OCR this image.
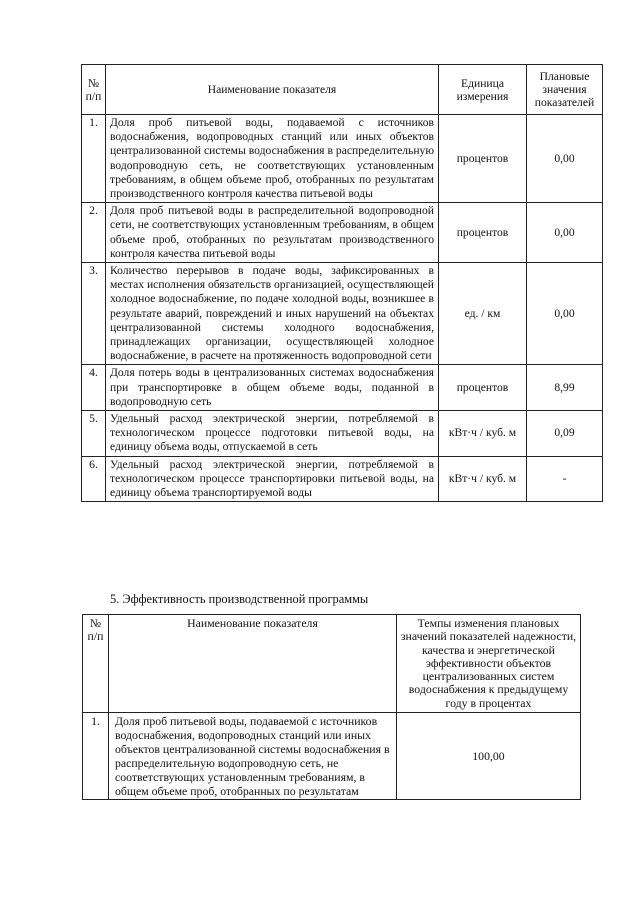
№ п/п	Наименование показателя	Единица измерения	Плановые значения показателей
1.	Доля проб питьевой воды, подаваемой с источников водоснабжения, водопроводных станций или иных объектов централизованной системы водоснабжения в распределительную водопроводную сеть, не соответствующих установленным требованиям, в общем объеме проб, отобранных по результатам производственного контроля качества питьевой воды	процентов	0,00
2.	Доля проб питьевой воды в распределительной водопроводной сети, не соответствующих установленным требованиям, в общем объеме проб, отобранных по результатам производственного контроля качества питьевой воды	процентов	0,00
3.	Количество перерывов в подаче воды, зафиксированных в местах исполнения обязательств организацией, осуществляющей холодное водоснабжение, по подаче холодной воды, возникшее в результате аварий, повреждений и иных нарушений на объектах централизованной системы холодного водоснабжения, принадлежащих организации, осуществляющей холодное водоснабжение, в расчете на протяженность водопроводной сети	ед. / км	0,00
4.	Доля потерь воды в централизованных системах водоснабжения при транспортировке в общем объеме воды, поданной в водопроводную сеть	процентов	8,99
5.	Удельный расход электрической энергии, потребляемой в технологическом процессе подготовки питьевой воды, на единицу объема воды, отпускаемой в сеть	кВт·ч / куб. м	0,09
6.	Удельный расход электрической энергии, потребляемой в технологическом процессе транспортировки питьевой воды, на единицу объема транспортируемой воды	кВт·ч / куб. м	-

5. Эффективность производственной программы

№ п/п	Наименование показателя	Темпы изменения плановых значений показателей надежности, качества и энергетической эффективности объектов централизованных систем водоснабжения к предыдущему году в процентах
1.	Доля проб питьевой воды, подаваемой с источников водоснабжения, водопроводных станций или иных объектов централизованной системы водоснабжения в распределительную водопроводную сеть, не соответствующих установленным требованиям, в общем объеме проб, отобранных по результатам	100,00
